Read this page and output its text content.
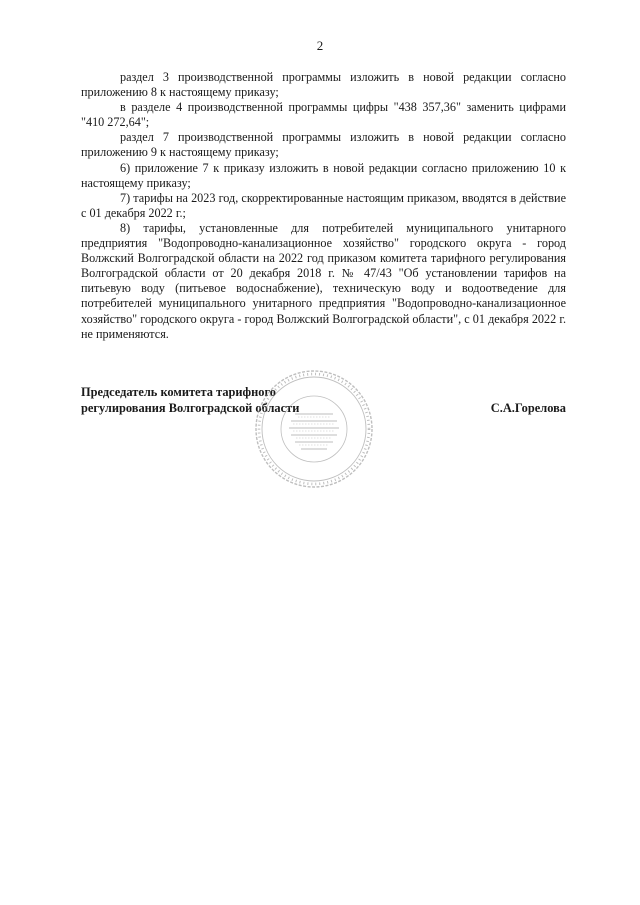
2

раздел 3 производственной программы изложить в новой редакции согласно приложению 8 к настоящему приказу;

в разделе 4 производственной программы цифры "438 357,36" заменить цифрами "410 272,64";

раздел 7 производственной программы изложить в новой редакции согласно приложению 9 к настоящему приказу;

6) приложение 7 к приказу изложить в новой редакции согласно приложению 10 к настоящему приказу;

7) тарифы на 2023 год, скорректированные настоящим приказом, вводятся в действие с 01 декабря 2022 г.;

8) тарифы, установленные для потребителей муниципального унитарного предприятия "Водопроводно-канализационное хозяйство" городского округа - город Волжский Волгоградской области на 2022 год приказом комитета тарифного регулирования Волгоградской области от 20 декабря 2018 г. № 47/43 "Об установлении тарифов на питьевую воду (питьевое водоснабжение), техническую воду и водоотведение для потребителей муниципального унитарного предприятия "Водопроводно-канализационное хозяйство" городского округа - город Волжский Волгоградской области", с 01 декабря 2022 г. не применяются.

Председатель комитета тарифного
регулирования Волгоградской области	С.А.Горелова
